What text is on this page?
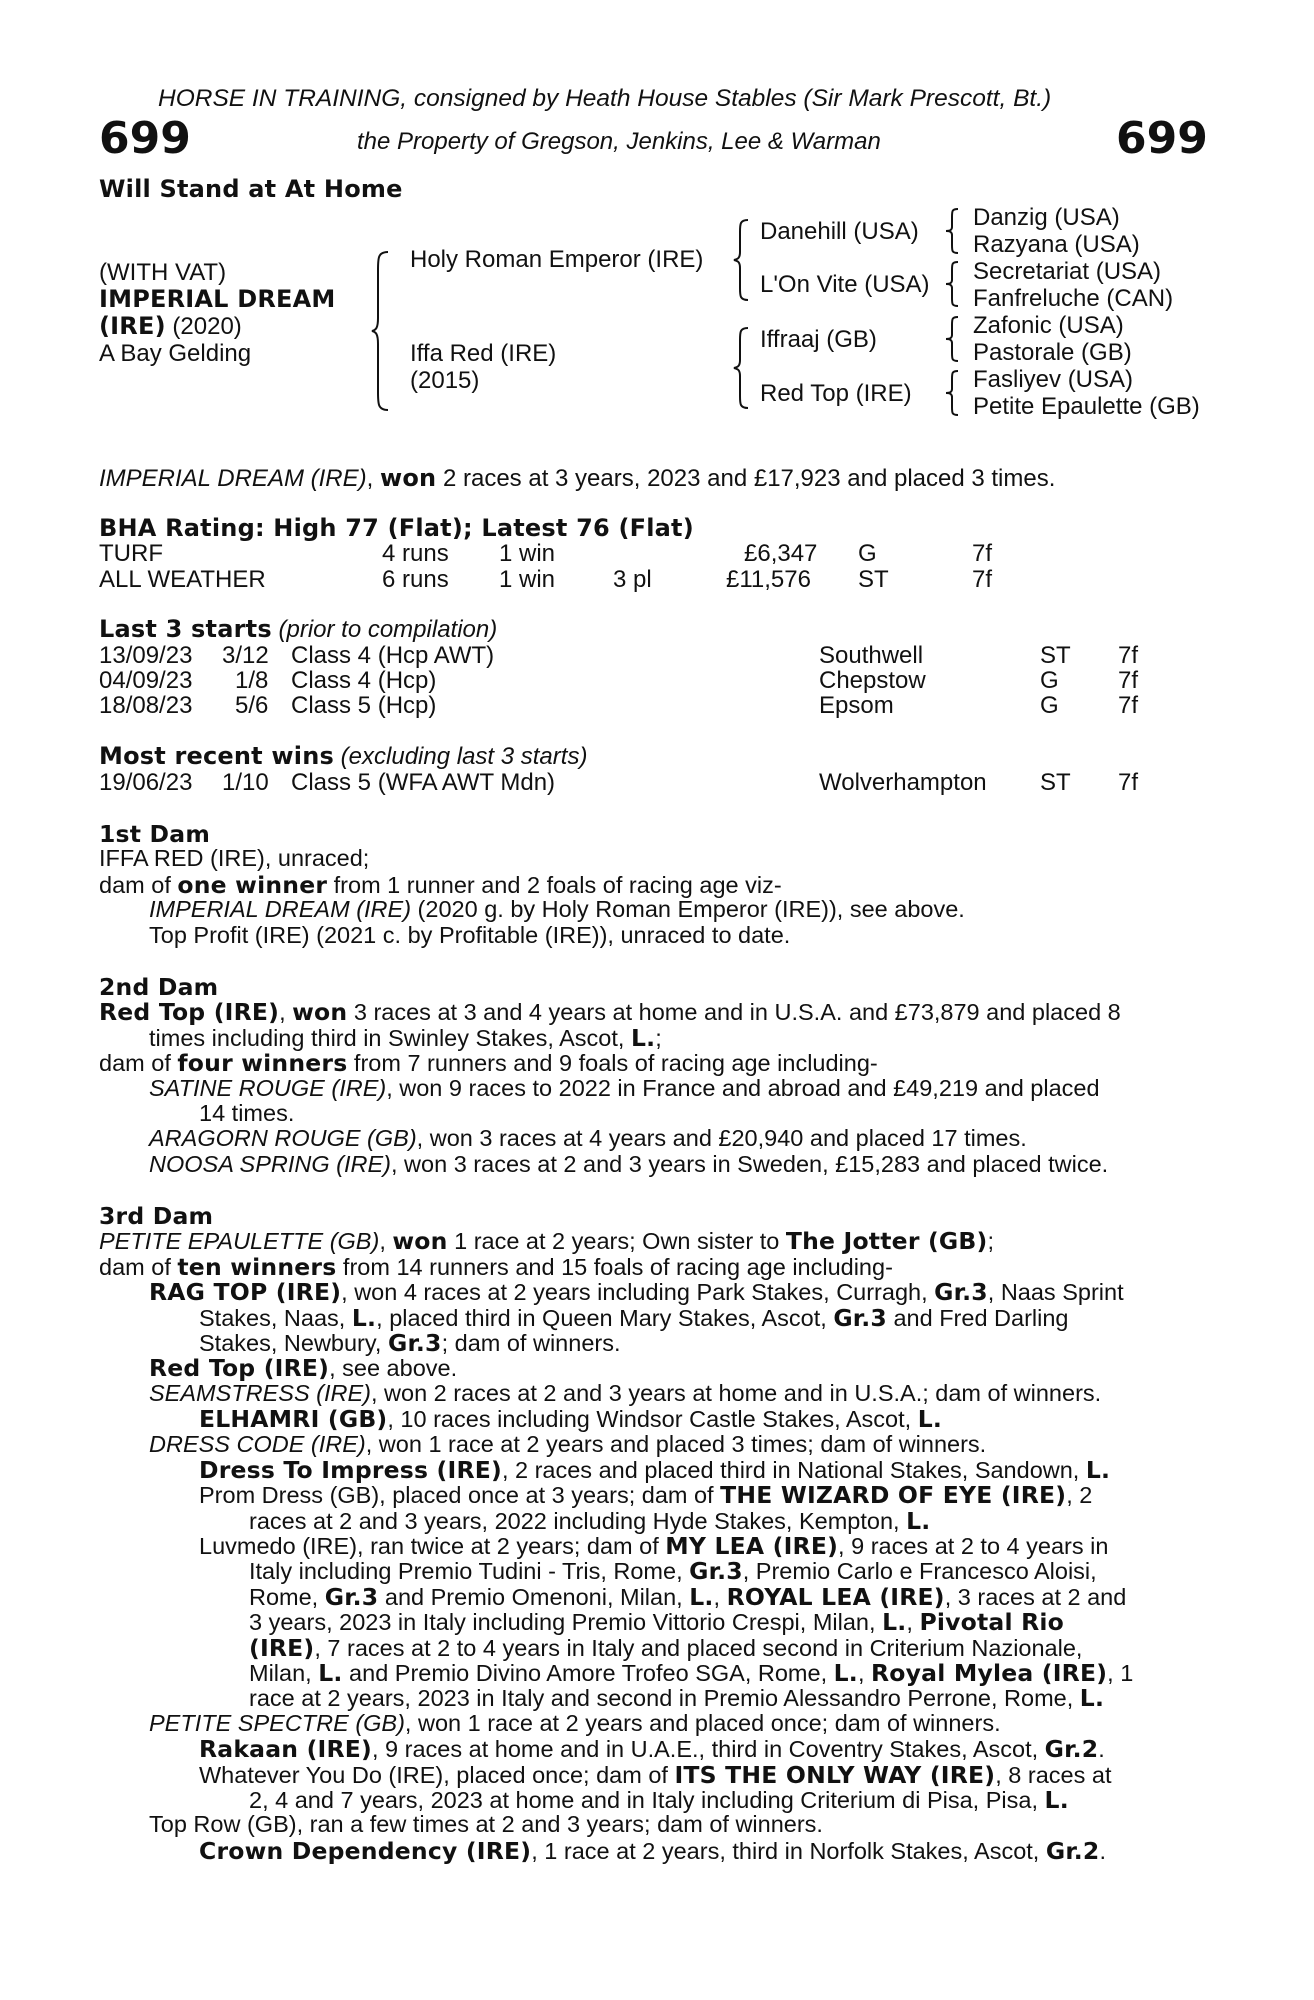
HORSE IN TRAINING, consigned by Heath House Stables (Sir Mark Prescott, Bt.)
699	the Property of Gregson, Jenkins, Lee & Warman	699
Will Stand at At Home
(WITH VAT)
IMPERIAL DREAM
(IRE) (2020)
A Bay Gelding
Holy Roman Emperor (IRE)
Iffa Red (IRE)
(2015)
Danehill (USA)
L'On Vite (USA)
Iffraaj (GB)
Red Top (IRE)
Danzig (USA)
Razyana (USA)
Secretariat (USA)
Fanfreluche (CAN)
Zafonic (USA)
Pastorale (GB)
Fasliyev (USA)
Petite Epaulette (GB)
IMPERIAL DREAM (IRE), won 2 races at 3 years, 2023 and £17,923 and placed 3 times.
BHA Rating: High 77 (Flat); Latest 76 (Flat)
TURF	4 runs 1 win	£6,347 G	7f
ALL WEATHER	6 runs 1 win 3 pl	£11,576 ST	7f
Last 3 starts (prior to compilation)
13/09/23 3/12 Class 4 (Hcp AWT)	Southwell	ST 7f
04/09/23 1/8 Class 4 (Hcp)	Chepstow	G 7f
18/08/23 5/6 Class 5 (Hcp)	Epsom	G 7f
Most recent wins (excluding last 3 starts)
19/06/23 1/10 Class 5 (WFA AWT Mdn)	Wolverhampton ST 7f
1st Dam
IFFA RED (IRE), unraced;
dam of one winner from 1 runner and 2 foals of racing age viz-
IMPERIAL DREAM (IRE) (2020 g. by Holy Roman Emperor (IRE)), see above.
Top Profit (IRE) (2021 c. by Profitable (IRE)), unraced to date.
2nd Dam
Red Top (IRE), won 3 races at 3 and 4 years at home and in U.S.A. and £73,879 and placed 8
times including third in Swinley Stakes, Ascot, L.;
dam of four winners from 7 runners and 9 foals of racing age including-
SATINE ROUGE (IRE), won 9 races to 2022 in France and abroad and £49,219 and placed
14 times.
ARAGORN ROUGE (GB), won 3 races at 4 years and £20,940 and placed 17 times.
NOOSA SPRING (IRE), won 3 races at 2 and 3 years in Sweden, £15,283 and placed twice.
3rd Dam
PETITE EPAULETTE (GB), won 1 race at 2 years; Own sister to The Jotter (GB);
dam of ten winners from 14 runners and 15 foals of racing age including-
RAG TOP (IRE), won 4 races at 2 years including Park Stakes, Curragh, Gr.3, Naas Sprint
Stakes, Naas, L., placed third in Queen Mary Stakes, Ascot, Gr.3 and Fred Darling
Stakes, Newbury, Gr.3; dam of winners.
Red Top (IRE), see above.
SEAMSTRESS (IRE), won 2 races at 2 and 3 years at home and in U.S.A.; dam of winners.
ELHAMRI (GB), 10 races including Windsor Castle Stakes, Ascot, L.
DRESS CODE (IRE), won 1 race at 2 years and placed 3 times; dam of winners.
Dress To Impress (IRE), 2 races and placed third in National Stakes, Sandown, L.
Prom Dress (GB), placed once at 3 years; dam of THE WIZARD OF EYE (IRE), 2
races at 2 and 3 years, 2022 including Hyde Stakes, Kempton, L.
Luvmedo (IRE), ran twice at 2 years; dam of MY LEA (IRE), 9 races at 2 to 4 years in
Italy including Premio Tudini - Tris, Rome, Gr.3, Premio Carlo e Francesco Aloisi,
Rome, Gr.3 and Premio Omenoni, Milan, L., ROYAL LEA (IRE), 3 races at 2 and
3 years, 2023 in Italy including Premio Vittorio Crespi, Milan, L., Pivotal Rio
(IRE), 7 races at 2 to 4 years in Italy and placed second in Criterium Nazionale,
Milan, L. and Premio Divino Amore Trofeo SGA, Rome, L., Royal Mylea (IRE), 1
race at 2 years, 2023 in Italy and second in Premio Alessandro Perrone, Rome, L.
PETITE SPECTRE (GB), won 1 race at 2 years and placed once; dam of winners.
Rakaan (IRE), 9 races at home and in U.A.E., third in Coventry Stakes, Ascot, Gr.2.
Whatever You Do (IRE), placed once; dam of ITS THE ONLY WAY (IRE), 8 races at
2, 4 and 7 years, 2023 at home and in Italy including Criterium di Pisa, Pisa, L.
Top Row (GB), ran a few times at 2 and 3 years; dam of winners.
Crown Dependency (IRE), 1 race at 2 years, third in Norfolk Stakes, Ascot, Gr.2.
